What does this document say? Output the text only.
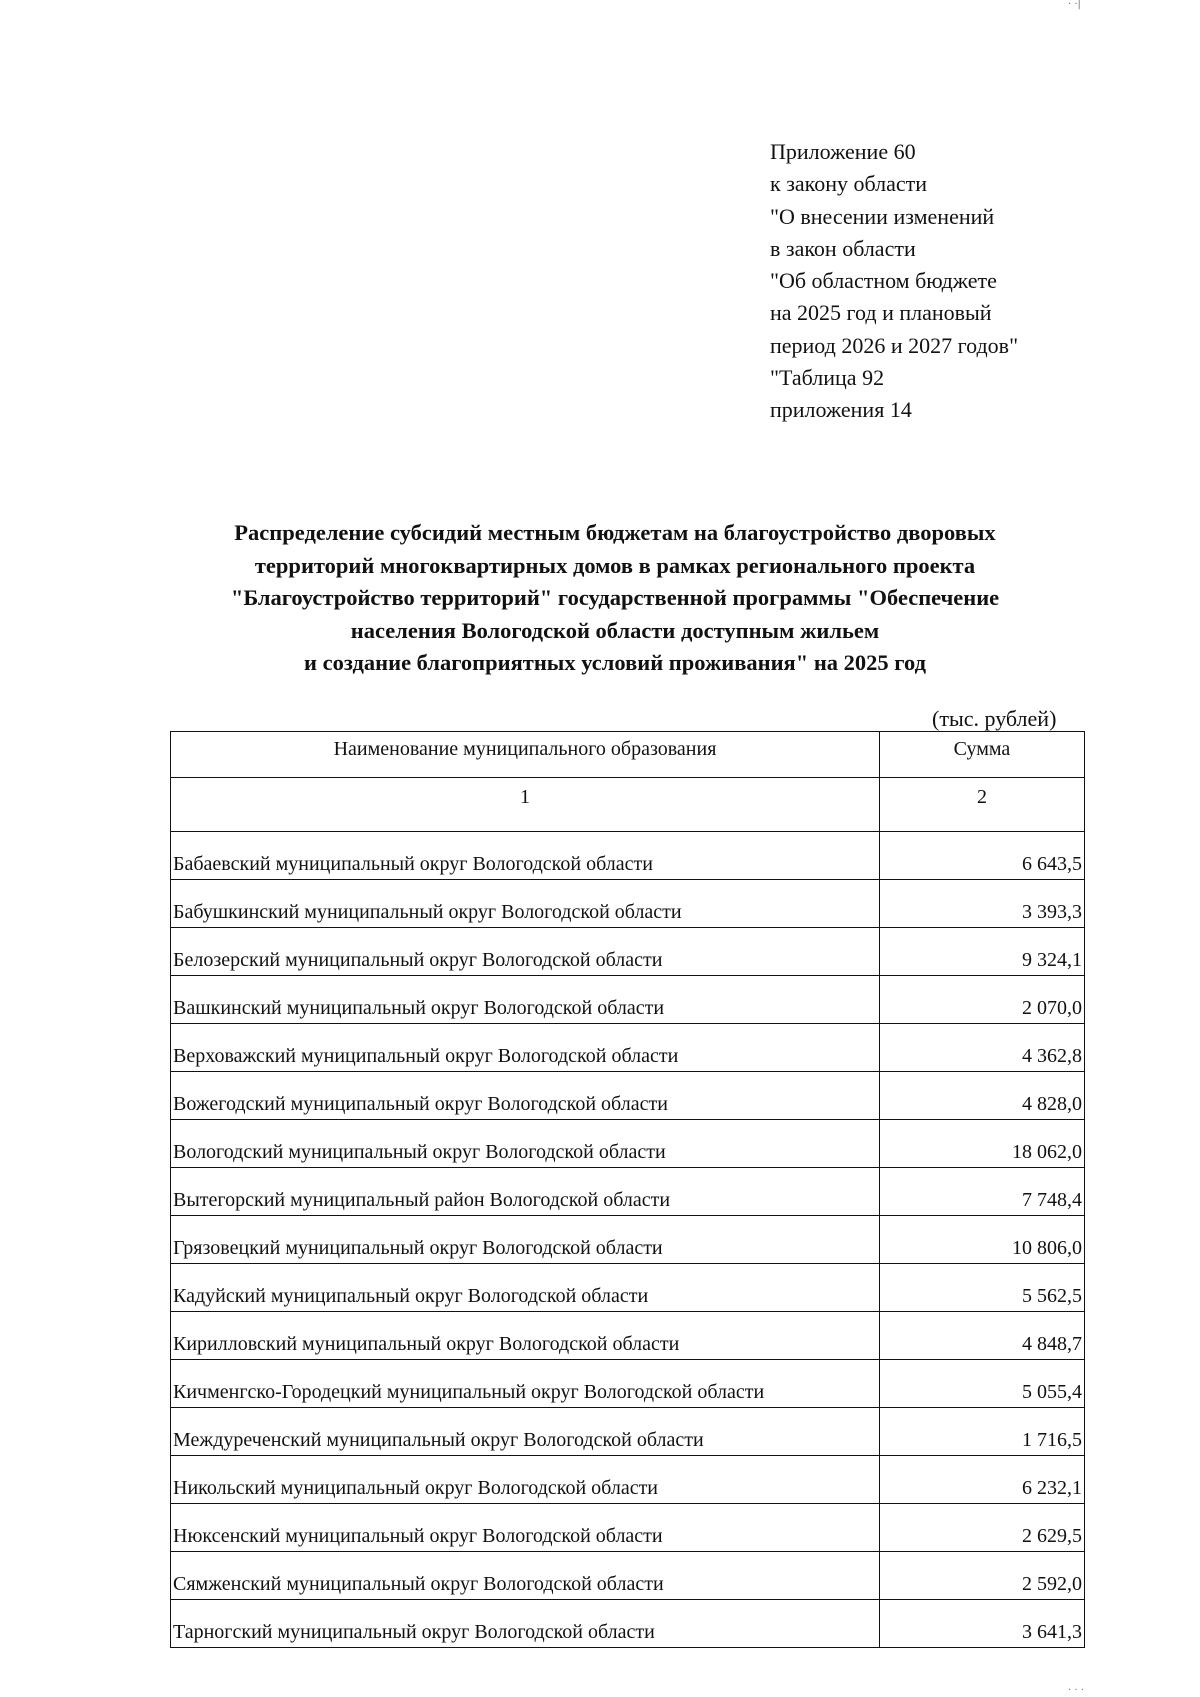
Приложение 60
к закону области
"О внесении изменений
в закон области
"Об областном бюджете
на 2025 год и плановый
период 2026 и 2027 годов"
"Таблица 92
приложения 14
Распределение субсидий местным бюджетам на благоустройство дворовых
территорий многоквартирных домов в рамках регионального проекта
"Благоустройство территорий" государственной программы "Обеспечение
населения Вологодской области доступным жильем
и создание благоприятных условий проживания" на 2025 год
(тыс. рублей)
Наименование муниципального образования	Сумма
1	2
Бабаевский муниципальный округ Вологодской области	6 643,5
Бабушкинский муниципальный округ Вологодской области	3 393,3
Белозерский муниципальный округ Вологодской области	9 324,1
Вашкинский муниципальный округ Вологодской области	2 070,0
Верховажский муниципальный округ Вологодской области	4 362,8
Вожегодский муниципальный округ Вологодской области	4 828,0
Вологодский муниципальный округ Вологодской области	18 062,0
Вытегорский муниципальный район Вологодской области	7 748,4
Грязовецкий муниципальный округ Вологодской области	10 806,0
Кадуйский муниципальный округ Вологодской области	5 562,5
Кирилловский муниципальный округ Вологодской области	4 848,7
Кичменгско-Городецкий муниципальный округ Вологодской области	5 055,4
Междуреченский муниципальный округ Вологодской области	1 716,5
Никольский муниципальный округ Вологодской области	6 232,1
Нюксенский муниципальный округ Вологодской области	2 629,5
Сямженский муниципальный округ Вологодской области	2 592,0
Тарногский муниципальный округ Вологодской области	3 641,3
· ·|
· · ·
